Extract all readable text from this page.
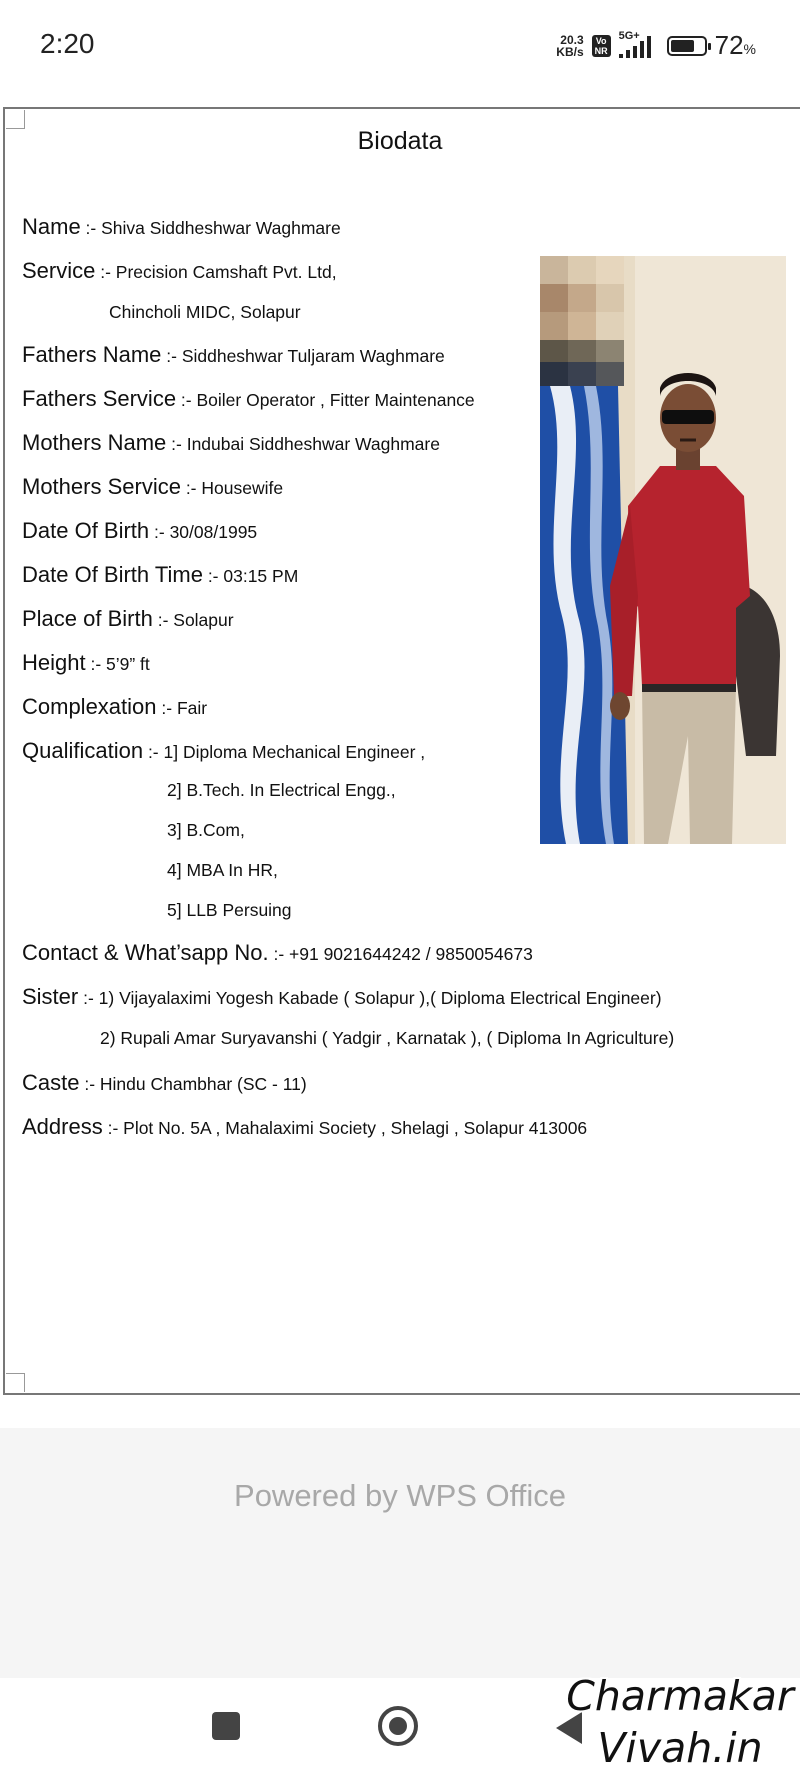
2:20	20.3
KB/s
Vo
NR
5G+	72%
Biodata
Name :- Shiva Siddheshwar Waghmare
Service :- Precision Camshaft Pvt. Ltd,
Chincholi MIDC, Solapur
Fathers Name :- Siddheshwar Tuljaram Waghmare
Fathers Service :- Boiler Operator , Fitter Maintenance
Mothers Name :- Indubai Siddheshwar Waghmare
Mothers Service :- Housewife
Date Of Birth :- 30/08/1995
Date Of Birth Time :- 03:15 PM
Place of Birth :- Solapur
Height :- 5’9” ft
Complexation :- Fair
Qualification :- 1] Diploma Mechanical Engineer ,
2] B.Tech. In Electrical Engg.,
3] B.Com,
4] MBA In HR,
5] LLB Persuing
Contact & What’sapp No. :- +91 9021644242 / 9850054673
Sister :- 1) Vijayalaximi Yogesh Kabade ( Solapur ),( Diploma Electrical Engineer)
2) Rupali Amar Suryavanshi ( Yadgir , Karnatak ), ( Diploma In Agriculture)
Caste :- Hindu Chambhar (SC - 11)
Address :- Plot No. 5A , Mahalaximi Society , Shelagi , Solapur 413006
Powered by WPS Office
Charmakar
Vivah.in
